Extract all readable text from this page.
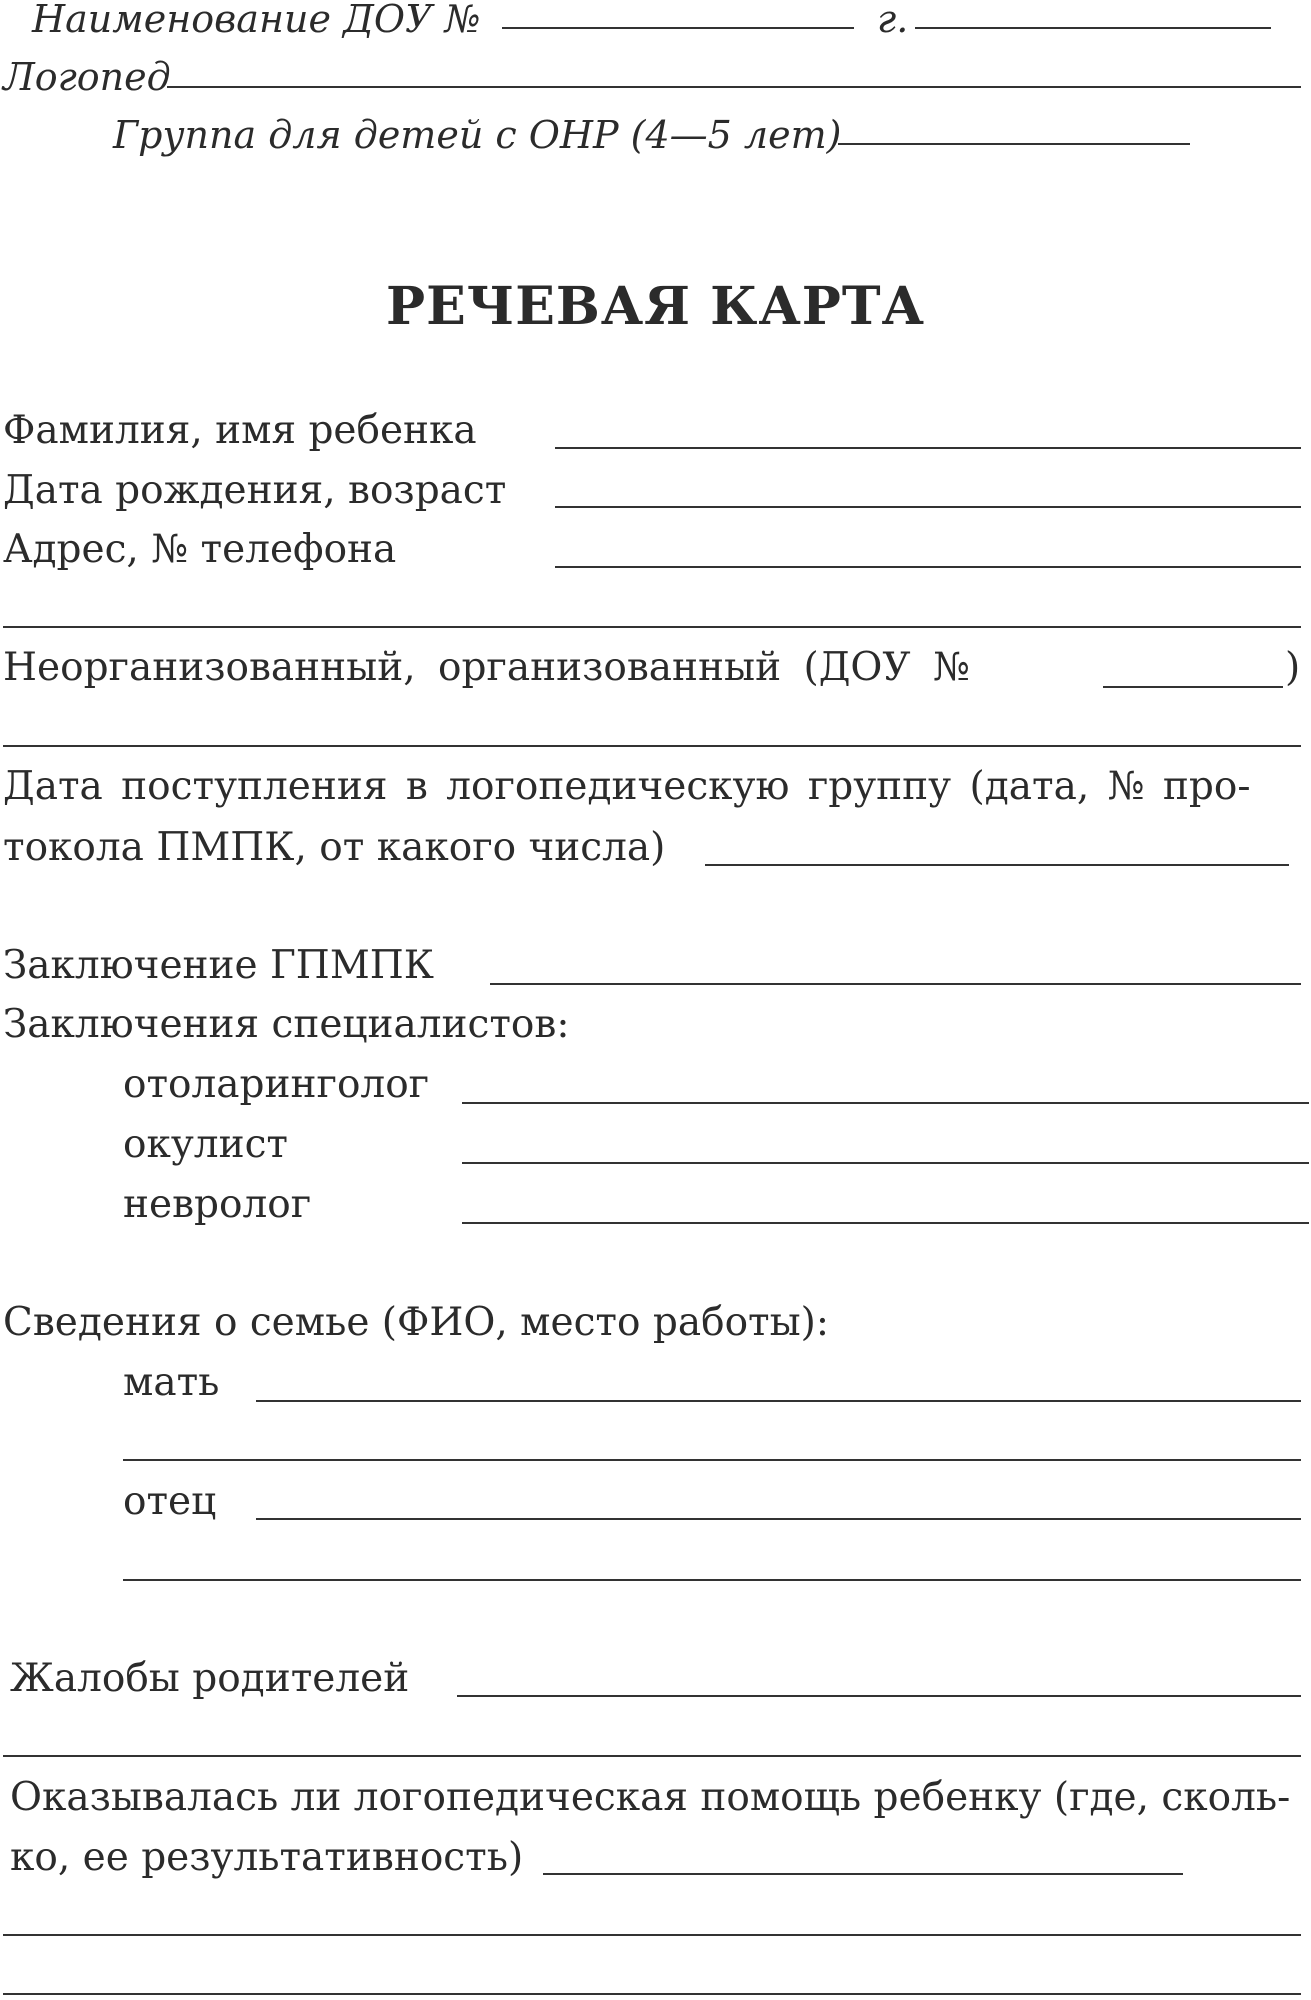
Наименование ДОУ №	г.
Логопед
Группа для детей с ОНР (4—5 лет)
РЕЧЕВАЯ КАРТА
Фамилия, имя ребенка
Дата рождения, возраст
Адрес, № телефона
Неорганизованный, организованный (ДОУ №	)
Дата поступления в логопедическую группу (дата, № про-
токола ПМПК, от какого числа)
Заключение ГПМПК
Заключения специалистов:
отоларинголог
окулист
невролог
Сведения о семье (ФИО, место работы):
мать
отец
Жалобы родителей
Оказывалась ли логопедическая помощь ребенку (где, сколь-
ко, ее результативность)
